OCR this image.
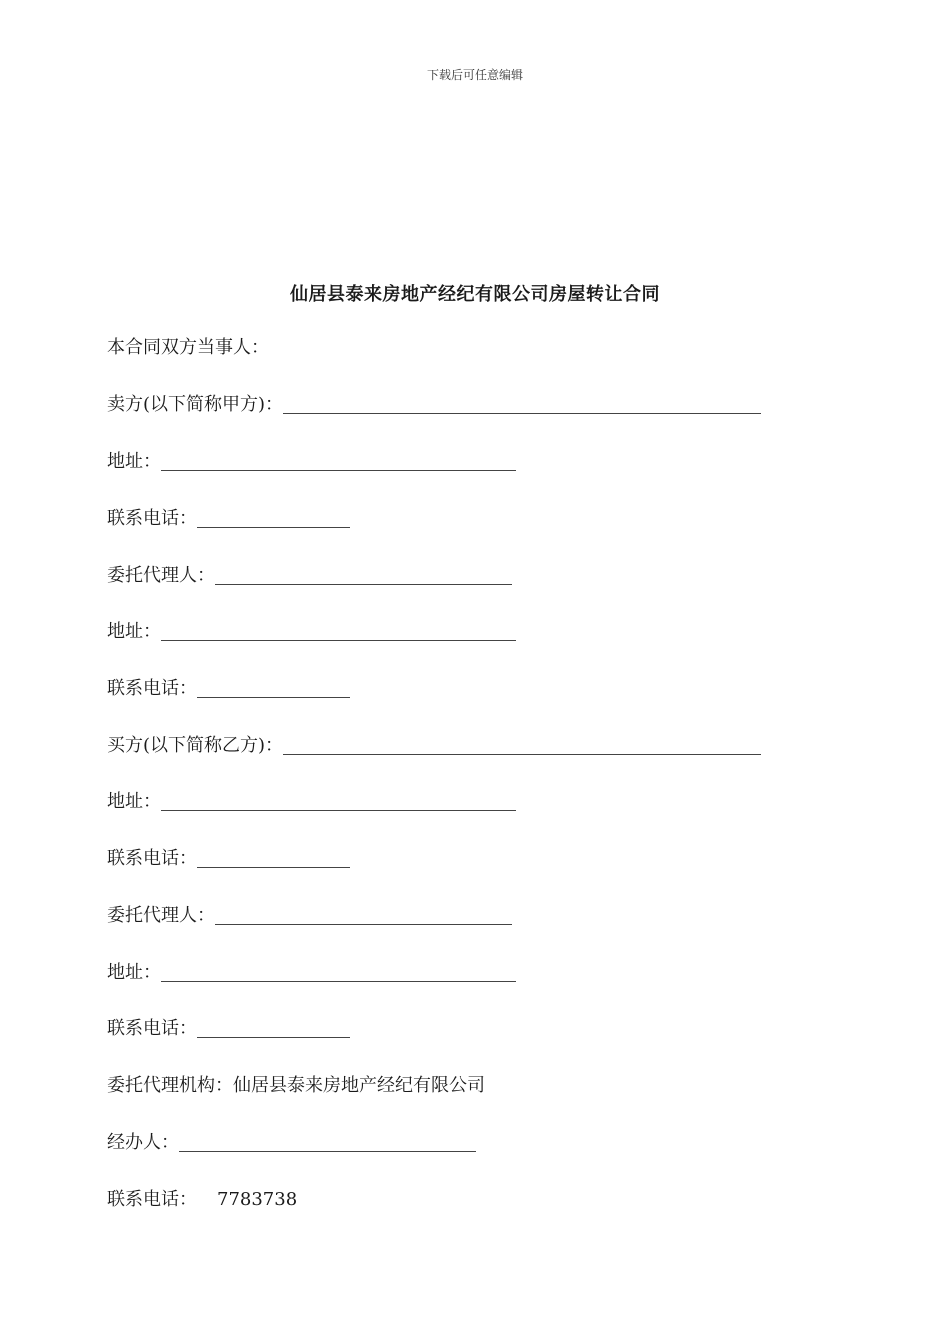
下载后可任意编辑
仙居县泰来房地产经纪有限公司房屋转让合同
本合同双方当事人：
卖方(以下简称甲方)：
地址：
联系电话：
委托代理人：
地址：
联系电话：
买方(以下简称乙方)：
地址：
联系电话：
委托代理人：
地址：
联系电话：
委托代理机构： 仙居县泰来房地产经纪有限公司
经办人：
联系电话： 7783738
